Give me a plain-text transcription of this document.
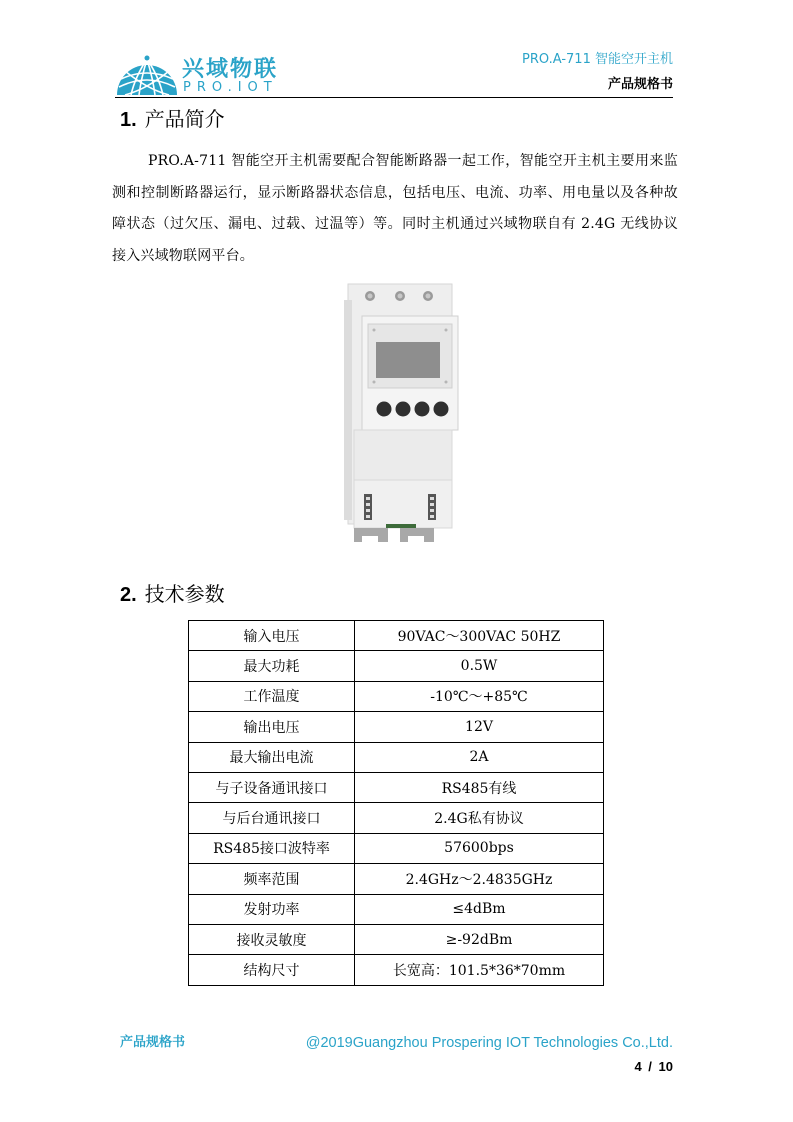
兴域物联
PRO.IOT
PRO.A-711 智能空开主机
产品规格书
1. 产品简介
PRO.A-711 智能空开主机需要配合智能断路器一起工作，智能空开主机主要用来监测和控制断路器运行，显示断路器状态信息，包括电压、电流、功率、用电量以及各种故障状态（过欠压、漏电、过载、过温等）等。同时主机通过兴域物联自有 2.4G 无线协议接入兴域物联网平台。
2. 技术参数
输入电压	90VAC～300VAC 50HZ
最大功耗	0.5W
工作温度	-10℃～+85℃
输出电压	12V
最大输出电流	2A
与子设备通讯接口	RS485有线
与后台通讯接口	2.4G私有协议
RS485接口波特率	57600bps
频率范围	2.4GHz～2.4835GHz
发射功率	≤4dBm
接收灵敏度	≥-92dBm
结构尺寸	长宽高：101.5*36*70mm
产品规格书	@2019Guangzhou Prospering IOT Technologies Co.,Ltd.
4 / 10
